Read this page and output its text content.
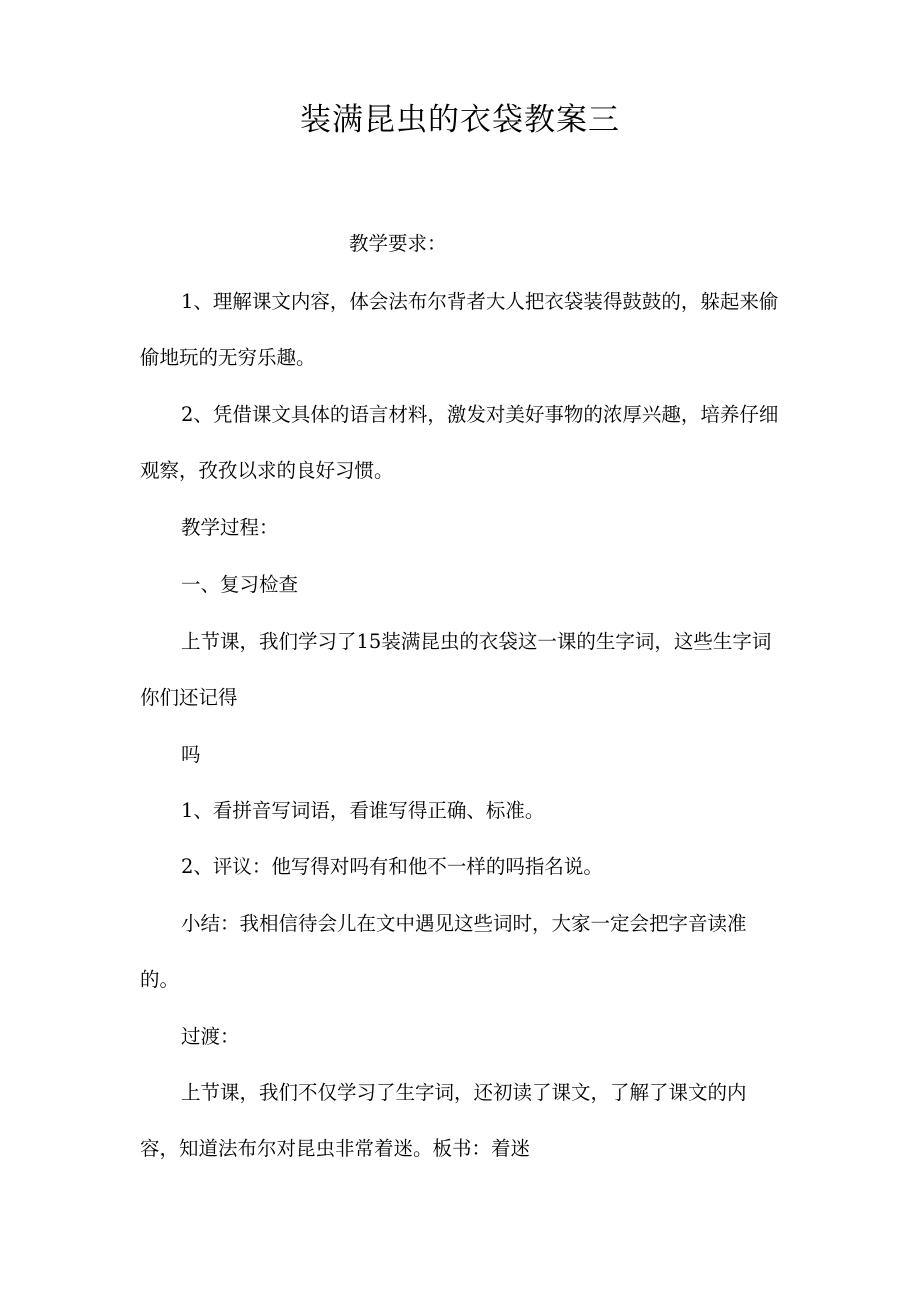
装满昆虫的衣袋教案三
教学要求：

1、理解课文内容，体会法布尔背者大人把衣袋装得鼓鼓的，躲起来偷偷地玩的无穷乐趣。

2、凭借课文具体的语言材料，激发对美好事物的浓厚兴趣，培养仔细观察，孜孜以求的良好习惯。

教学过程：

一、复习检查

上节课，我们学习了15装满昆虫的衣袋这一课的生字词，这些生字词你们还记得

吗

1、看拼音写词语，看谁写得正确、标准。

2、评议：他写得对吗有和他不一样的吗指名说。

小结：我相信待会儿在文中遇见这些词时，大家一定会把字音读准的。

过渡：

上节课，我们不仅学习了生字词，还初读了课文，了解了课文的内容，知道法布尔对昆虫非常着迷。板书：着迷
